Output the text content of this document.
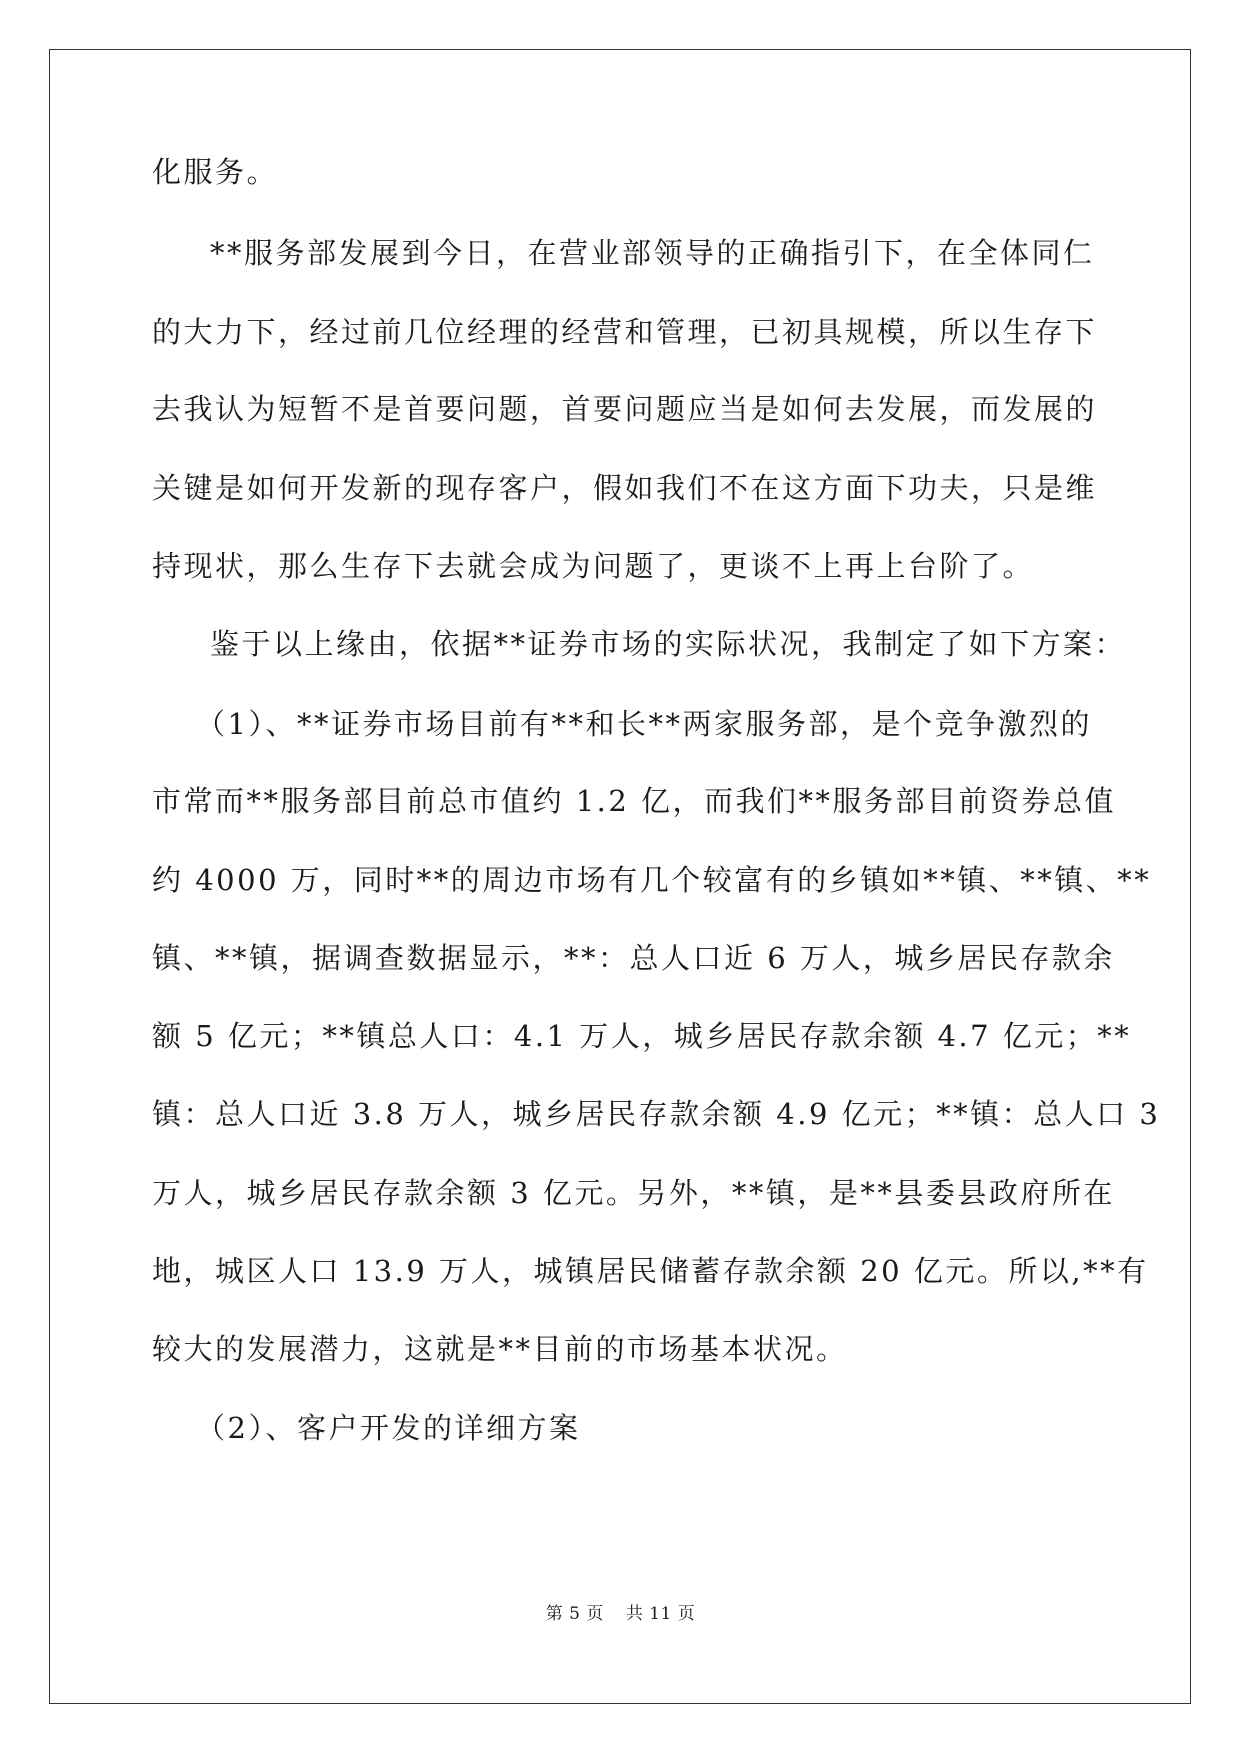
化服务。
**服务部发展到今日，在营业部领导的正确指引下，在全体同仁
的大力下，经过前几位经理的经营和管理，已初具规模，所以生存下
去我认为短暂不是首要问题，首要问题应当是如何去发展，而发展的
关键是如何开发新的现存客户，假如我们不在这方面下功夫，只是维
持现状，那么生存下去就会成为问题了，更谈不上再上台阶了。
鉴于以上缘由，依据**证券市场的实际状况，我制定了如下方案：
（1）、**证券市场目前有**和长**两家服务部，是个竞争激烈的
市常而**服务部目前总市值约 1.2 亿，而我们**服务部目前资券总值
约 4000 万，同时**的周边市场有几个较富有的乡镇如**镇、**镇、**
镇、**镇，据调查数据显示，**：总人口近 6 万人，城乡居民存款余
额 5 亿元；**镇总人口：4.1 万人，城乡居民存款余额 4.7 亿元；**
镇：总人口近 3.8 万人，城乡居民存款余额 4.9 亿元；**镇：总人口 3
万人，城乡居民存款余额 3 亿元。另外，**镇，是**县委县政府所在
地，城区人口 13.9 万人，城镇居民储蓄存款余额 20 亿元。所以,**有
较大的发展潜力，这就是**目前的市场基本状况。
（2）、客户开发的详细方案
第 5 页 共 11 页
